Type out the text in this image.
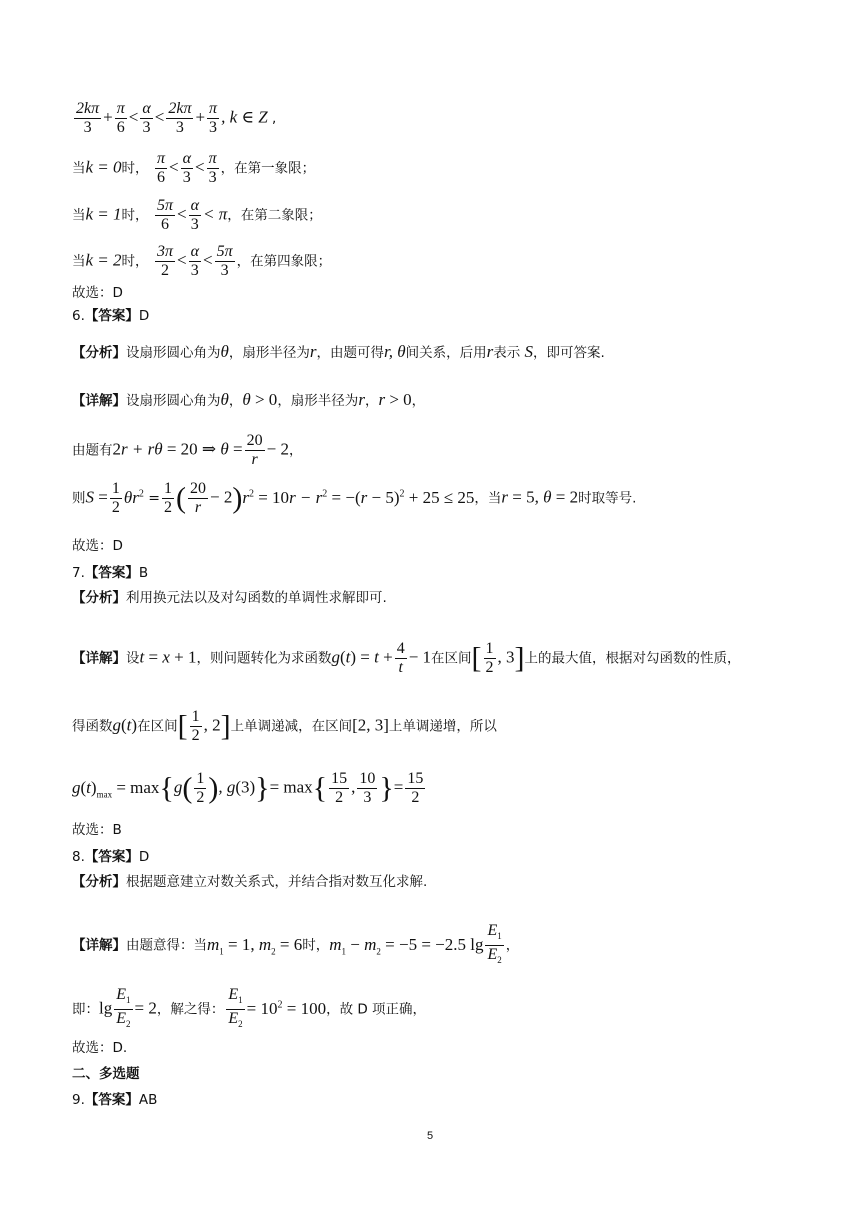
$\frac{2k\pi}{3} + \frac{\pi}{6} < \frac{\alpha}{3} < \frac{2k\pi}{3} + \frac{\pi}{3}$ , k ∈ Z ,
当k = 0时， $\frac{\pi}{6} < \frac{\alpha}{3} < \frac{\pi}{3}$ ，在第一象限；
当k = 1时， $\frac{5\pi}{6} < \frac{\alpha}{3} < \pi$，在第二象限；
当k = 2时， $\frac{3\pi}{2} < \frac{\alpha}{3} < \frac{5\pi}{3}$ ，在第四象限；
故选：D
6.【答案】D
【分析】设扇形圆心角为θ，扇形半径为r，由题可得r, θ间关系，后用r表示 S，即可答案.
【详解】设扇形圆心角为θ，θ > 0，扇形半径为r，r > 0，
由题有2r + rθ = 20 ⇒ $\theta = \frac{20}{r} - 2$，
则$S = \frac{1}{2} \theta r^2 = \frac{1}{2}$ ( $\frac{20}{r} - 2)r^2 = 10r - r^2 = -(r - 5)^2 + 25 \le 25$，当r = 5, θ = 2时取等号.
故选：D
7.【答案】B
【分析】利用换元法以及对勾函数的单调性求解即可.
【详解】设t = x + 1，则问题转化为求函数$g(t) = t + \frac{4}{t} - 1$在区间[ $\frac{1}{2}$ , 3]上的最大值，根据对勾函数的性质，
得函数g(t)在区间[ $\frac{1}{2}$ , 2]上单调递减，在区间[2, 3]上单调递增，所以
$g(t)_{max} = \max\{g( \frac{1}{2}$ ), $g(3)\}= \max\{ \frac{15}{2}$ , $\frac{10}{3}$ }= $\frac{15}{2}$
故选：B
8.【答案】D
【分析】根据题意建立对数关系式，并结合指对数互化求解.
【详解】由题意得：当$m_1 = 1$, $m_2 = 6$时，$m_1 - m_2 = -5 = -2.5$ $\lg \frac{E_1}{E_2}$ ，
即：$\lg \frac{E_1}{E_2} = 2$，解之得： $\frac{E_1}{E_2} = 10^2 = 100$，故 D 项正确，
故选：D.
二、多选题
9.【答案】AB
5
